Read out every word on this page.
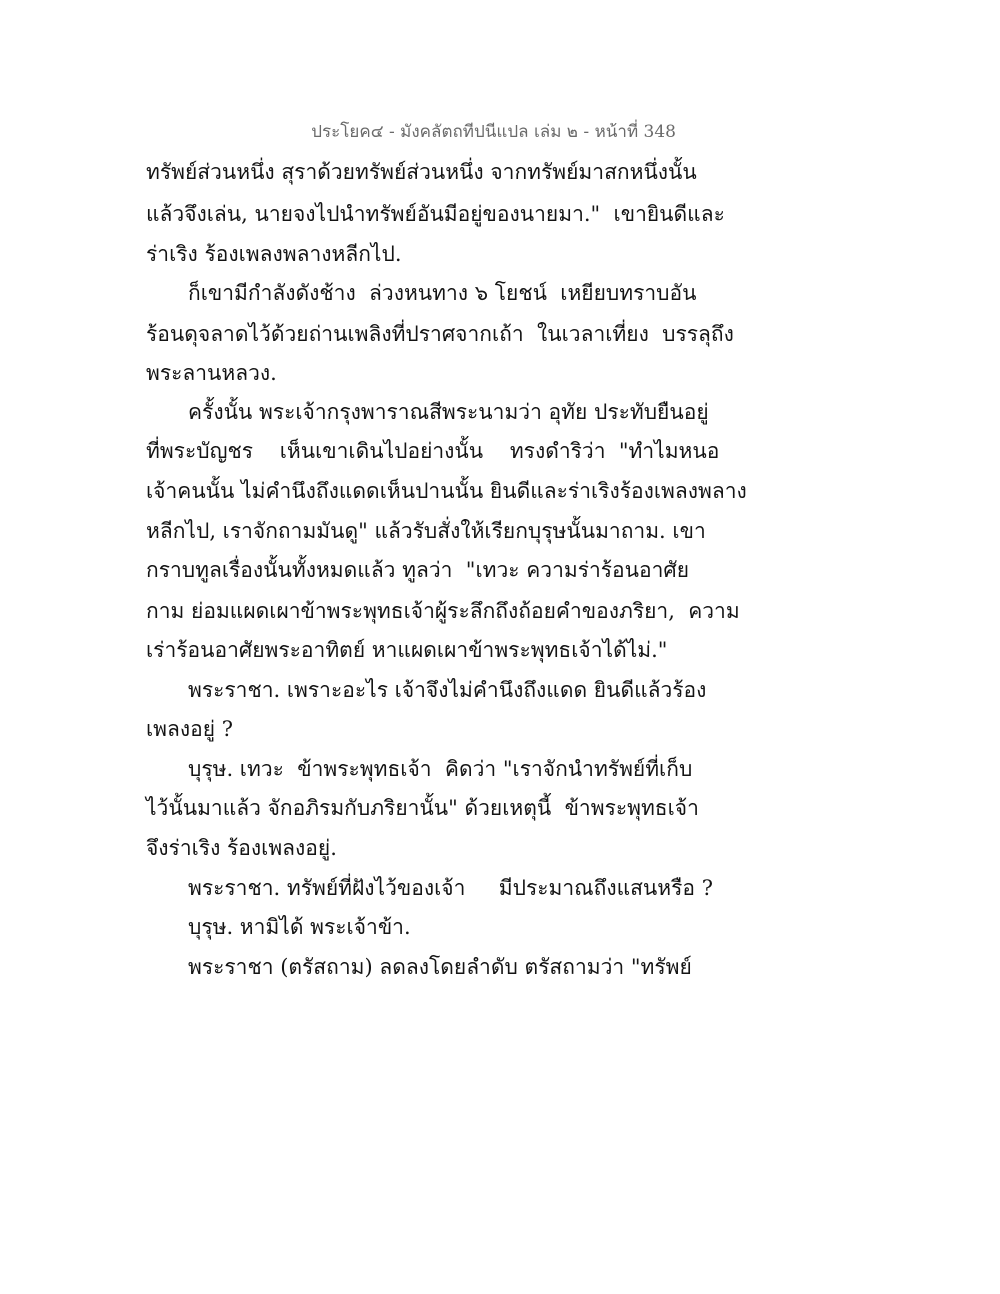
ประโยค๔ - มังคลัตถทีปนีแปล เล่ม ๒ - หน้าที่ 348
ทรัพย์ส่วนหนึ่ง สุราด้วยทรัพย์ส่วนหนึ่ง จากทรัพย์มาสกหนึ่งนั้น
แล้วจึงเล่น, นายจงไปนำทรัพย์อันมีอยู่ของนายมา."  เขายินดีและ
ร่าเริง ร้องเพลงพลางหลีกไป.
ก็เขามีกำลังดังช้าง  ล่วงหนทาง ๖ โยชน์  เหยียบทราบอัน
ร้อนดุจลาดไว้ด้วยถ่านเพลิงที่ปราศจากเถ้า  ในเวลาเที่ยง  บรรลุถึง
พระลานหลวง.
ครั้งนั้น พระเจ้ากรุงพาราณสีพระนามว่า อุทัย ประทับยืนอยู่
ที่พระบัญชร    เห็นเขาเดินไปอย่างนั้น    ทรงดำริว่า  "ทำไมหนอ
เจ้าคนนั้น ไม่คำนึงถึงแดดเห็นปานนั้น ยินดีและร่าเริงร้องเพลงพลาง
หลีกไป, เราจักถามมันดู" แล้วรับสั่งให้เรียกบุรุษนั้นมาถาม. เขา
กราบทูลเรื่องนั้นทั้งหมดแล้ว ทูลว่า  "เทวะ ความร่าร้อนอาศัย
กาม ย่อมแผดเผาข้าพระพุทธเจ้าผู้ระลึกถึงถ้อยคำของภริยา,  ความ
เร่าร้อนอาศัยพระอาทิตย์ หาแผดเผาข้าพระพุทธเจ้าได้ไม่."
พระราชา. เพราะอะไร เจ้าจึงไม่คำนึงถึงแดด ยินดีแล้วร้อง
เพลงอยู่ ?
บุรุษ. เทวะ  ข้าพระพุทธเจ้า  คิดว่า "เราจักนำทรัพย์ที่เก็บ
ไว้นั้นมาแล้ว จักอภิรมกับภริยานั้น" ด้วยเหตุนี้  ข้าพระพุทธเจ้า
จึงร่าเริง ร้องเพลงอยู่.
พระราชา. ทรัพย์ที่ฝังไว้ของเจ้า     มีประมาณถึงแสนหรือ ?
บุรุษ. หามิได้ พระเจ้าข้า.
พระราชา (ตรัสถาม) ลดลงโดยลำดับ ตรัสถามว่า "ทรัพย์
